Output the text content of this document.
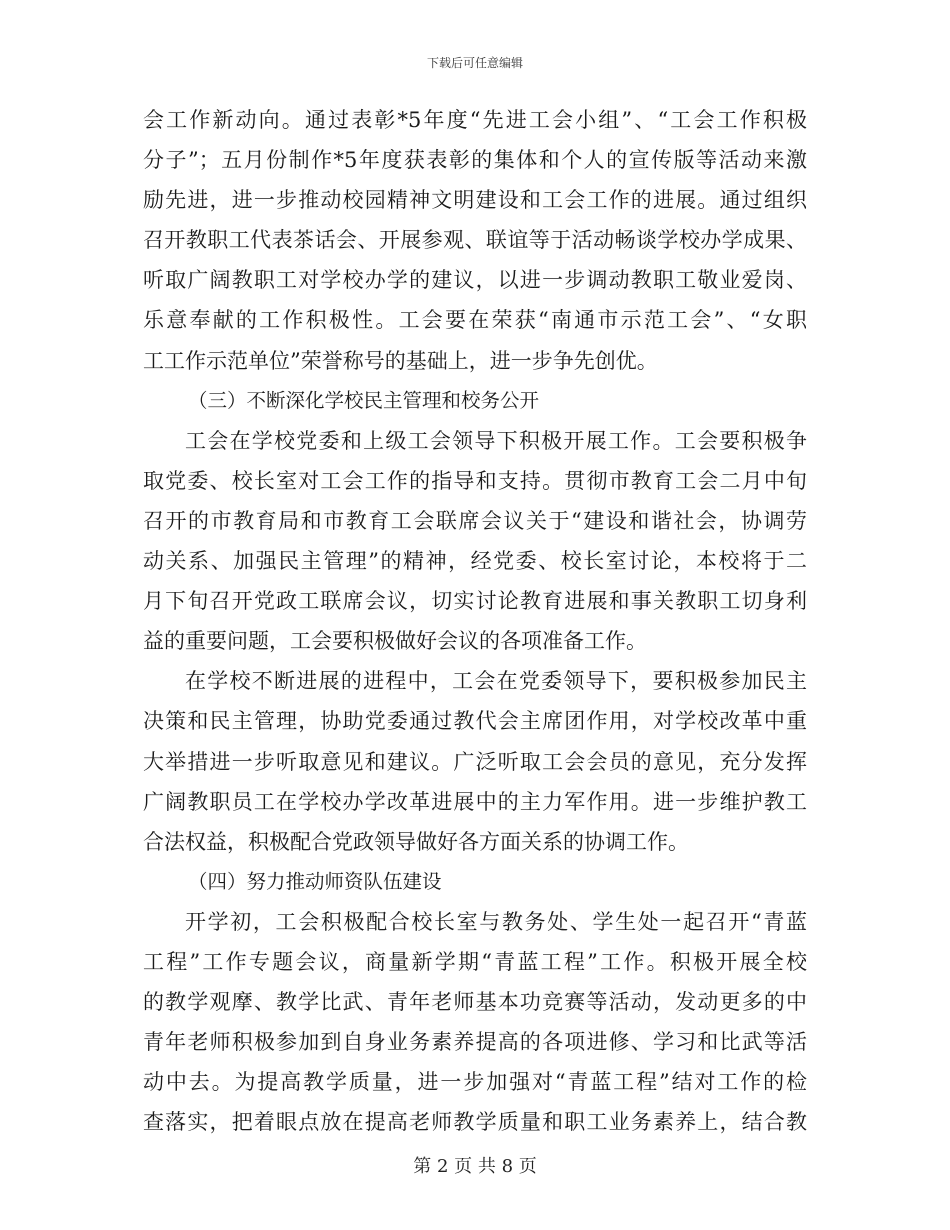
下载后可任意编辑
会工作新动向。通过表彰*5年度“先进工会小组”、“工会工作积极
分子”；五月份制作*5年度获表彰的集体和个人的宣传版等活动来激
励先进，进一步推动校园精神文明建设和工会工作的进展。通过组织
召开教职工代表茶话会、开展参观、联谊等于活动畅谈学校办学成果、
听取广阔教职工对学校办学的建议，以进一步调动教职工敬业爱岗、
乐意奉献的工作积极性。工会要在荣获“南通市示范工会”、“女职
工工作示范单位”荣誉称号的基础上，进一步争先创优。
（三）不断深化学校民主管理和校务公开
工会在学校党委和上级工会领导下积极开展工作。工会要积极争
取党委、校长室对工会工作的指导和支持。贯彻市教育工会二月中旬
召开的市教育局和市教育工会联席会议关于“建设和谐社会，协调劳
动关系、加强民主管理”的精神，经党委、校长室讨论，本校将于二
月下旬召开党政工联席会议，切实讨论教育进展和事关教职工切身利
益的重要问题，工会要积极做好会议的各项准备工作。
在学校不断进展的进程中，工会在党委领导下，要积极参加民主
决策和民主管理，协助党委通过教代会主席团作用，对学校改革中重
大举措进一步听取意见和建议。广泛听取工会会员的意见，充分发挥
广阔教职员工在学校办学改革进展中的主力军作用。进一步维护教工
合法权益，积极配合党政领导做好各方面关系的协调工作。
（四）努力推动师资队伍建设
开学初，工会积极配合校长室与教务处、学生处一起召开“青蓝
工程”工作专题会议，商量新学期“青蓝工程”工作。积极开展全校
的教学观摩、教学比武、青年老师基本功竞赛等活动，发动更多的中
青年老师积极参加到自身业务素养提高的各项进修、学习和比武等活
动中去。为提高教学质量，进一步加强对“青蓝工程”结对工作的检
查落实，把着眼点放在提高老师教学质量和职工业务素养上，结合教
第 2 页 共 8 页
